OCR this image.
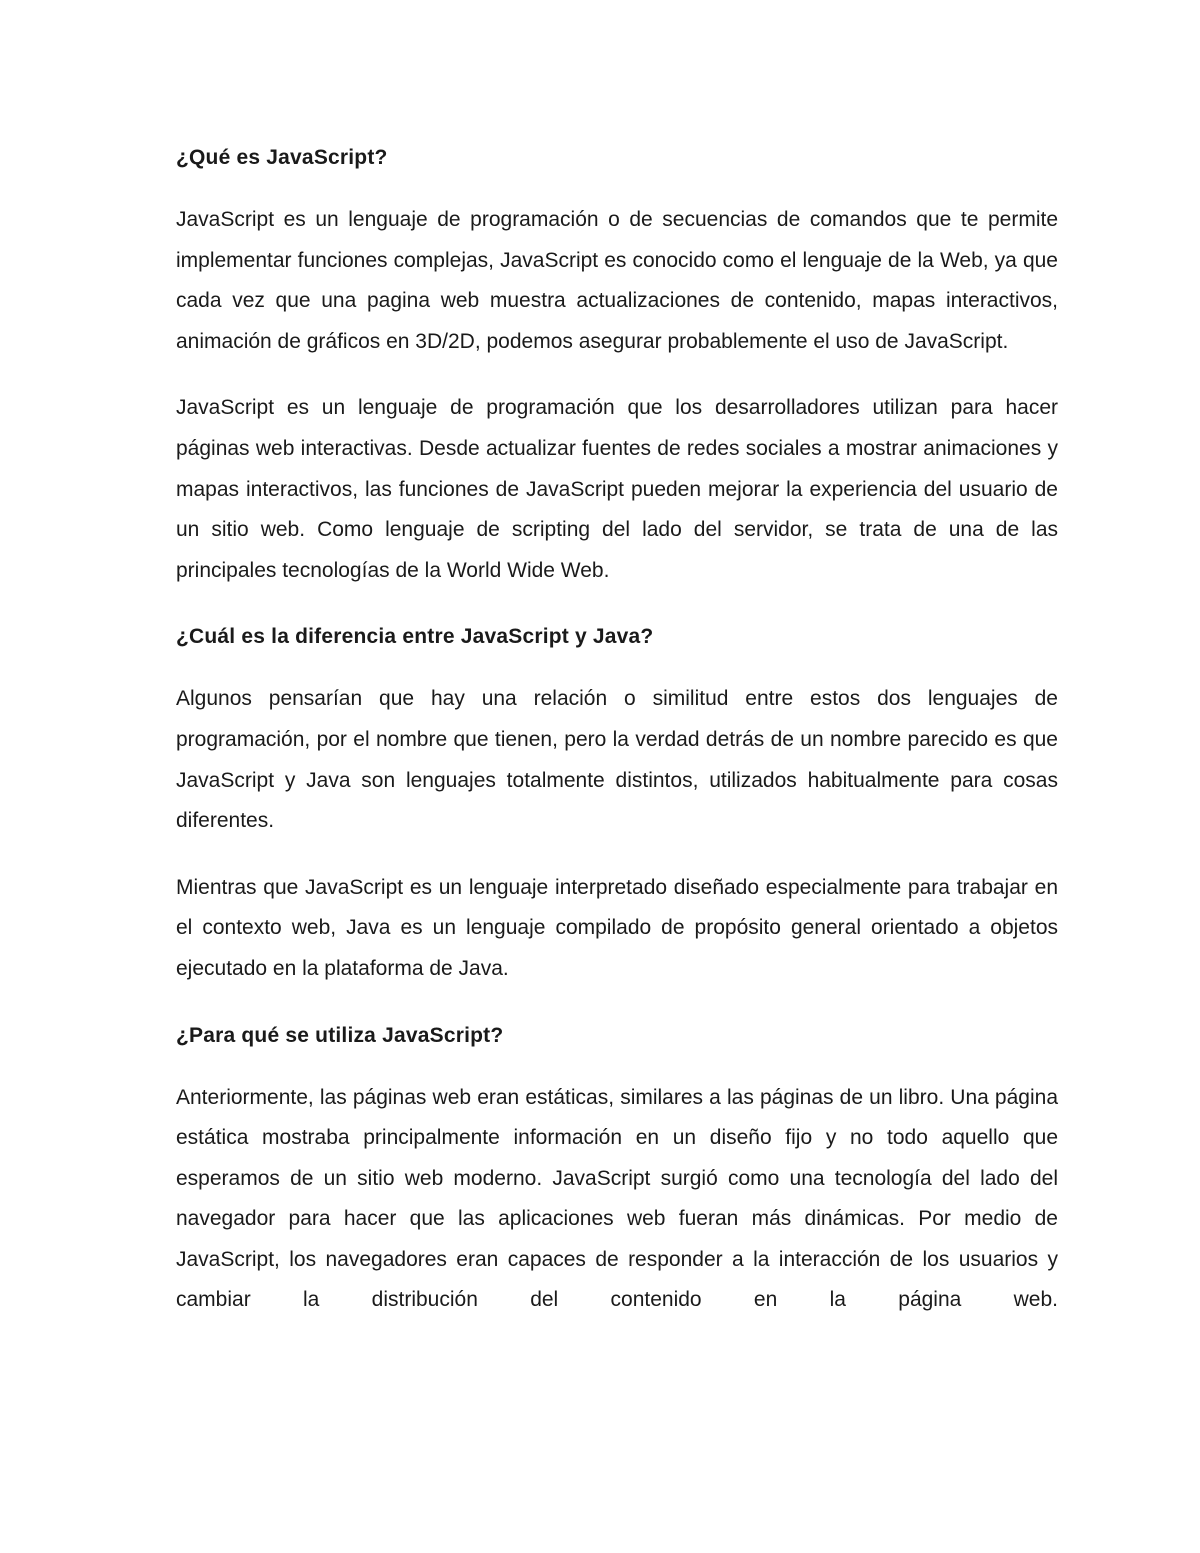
¿Qué es JavaScript?

JavaScript es un lenguaje de programación o de secuencias de comandos que te permite implementar funciones complejas, JavaScript es conocido como el lenguaje de la Web, ya que cada vez que una pagina web muestra actualizaciones de contenido, mapas interactivos, animación de gráficos en 3D/2D, podemos asegurar probablemente el uso de JavaScript.

JavaScript es un lenguaje de programación que los desarrolladores utilizan para hacer páginas web interactivas. Desde actualizar fuentes de redes sociales a mostrar animaciones y mapas interactivos, las funciones de JavaScript pueden mejorar la experiencia del usuario de un sitio web. Como lenguaje de scripting del lado del servidor, se trata de una de las principales tecnologías de la World Wide Web.

¿Cuál es la diferencia entre JavaScript y Java?

Algunos pensarían que hay una relación o similitud entre estos dos lenguajes de programación, por el nombre que tienen, pero la verdad detrás de un nombre parecido es que JavaScript y Java son lenguajes totalmente distintos, utilizados habitualmente para cosas diferentes.

Mientras que JavaScript es un lenguaje interpretado diseñado especialmente para trabajar en el contexto web, Java es un lenguaje compilado de propósito general orientado a objetos ejecutado en la plataforma de Java.

¿Para qué se utiliza JavaScript?

Anteriormente, las páginas web eran estáticas, similares a las páginas de un libro. Una página estática mostraba principalmente información en un diseño fijo y no todo aquello que esperamos de un sitio web moderno. JavaScript surgió como una tecnología del lado del navegador para hacer que las aplicaciones web fueran más dinámicas. Por medio de JavaScript, los navegadores eran capaces de responder a la interacción de los usuarios y cambiar la distribución del contenido en la página web.
